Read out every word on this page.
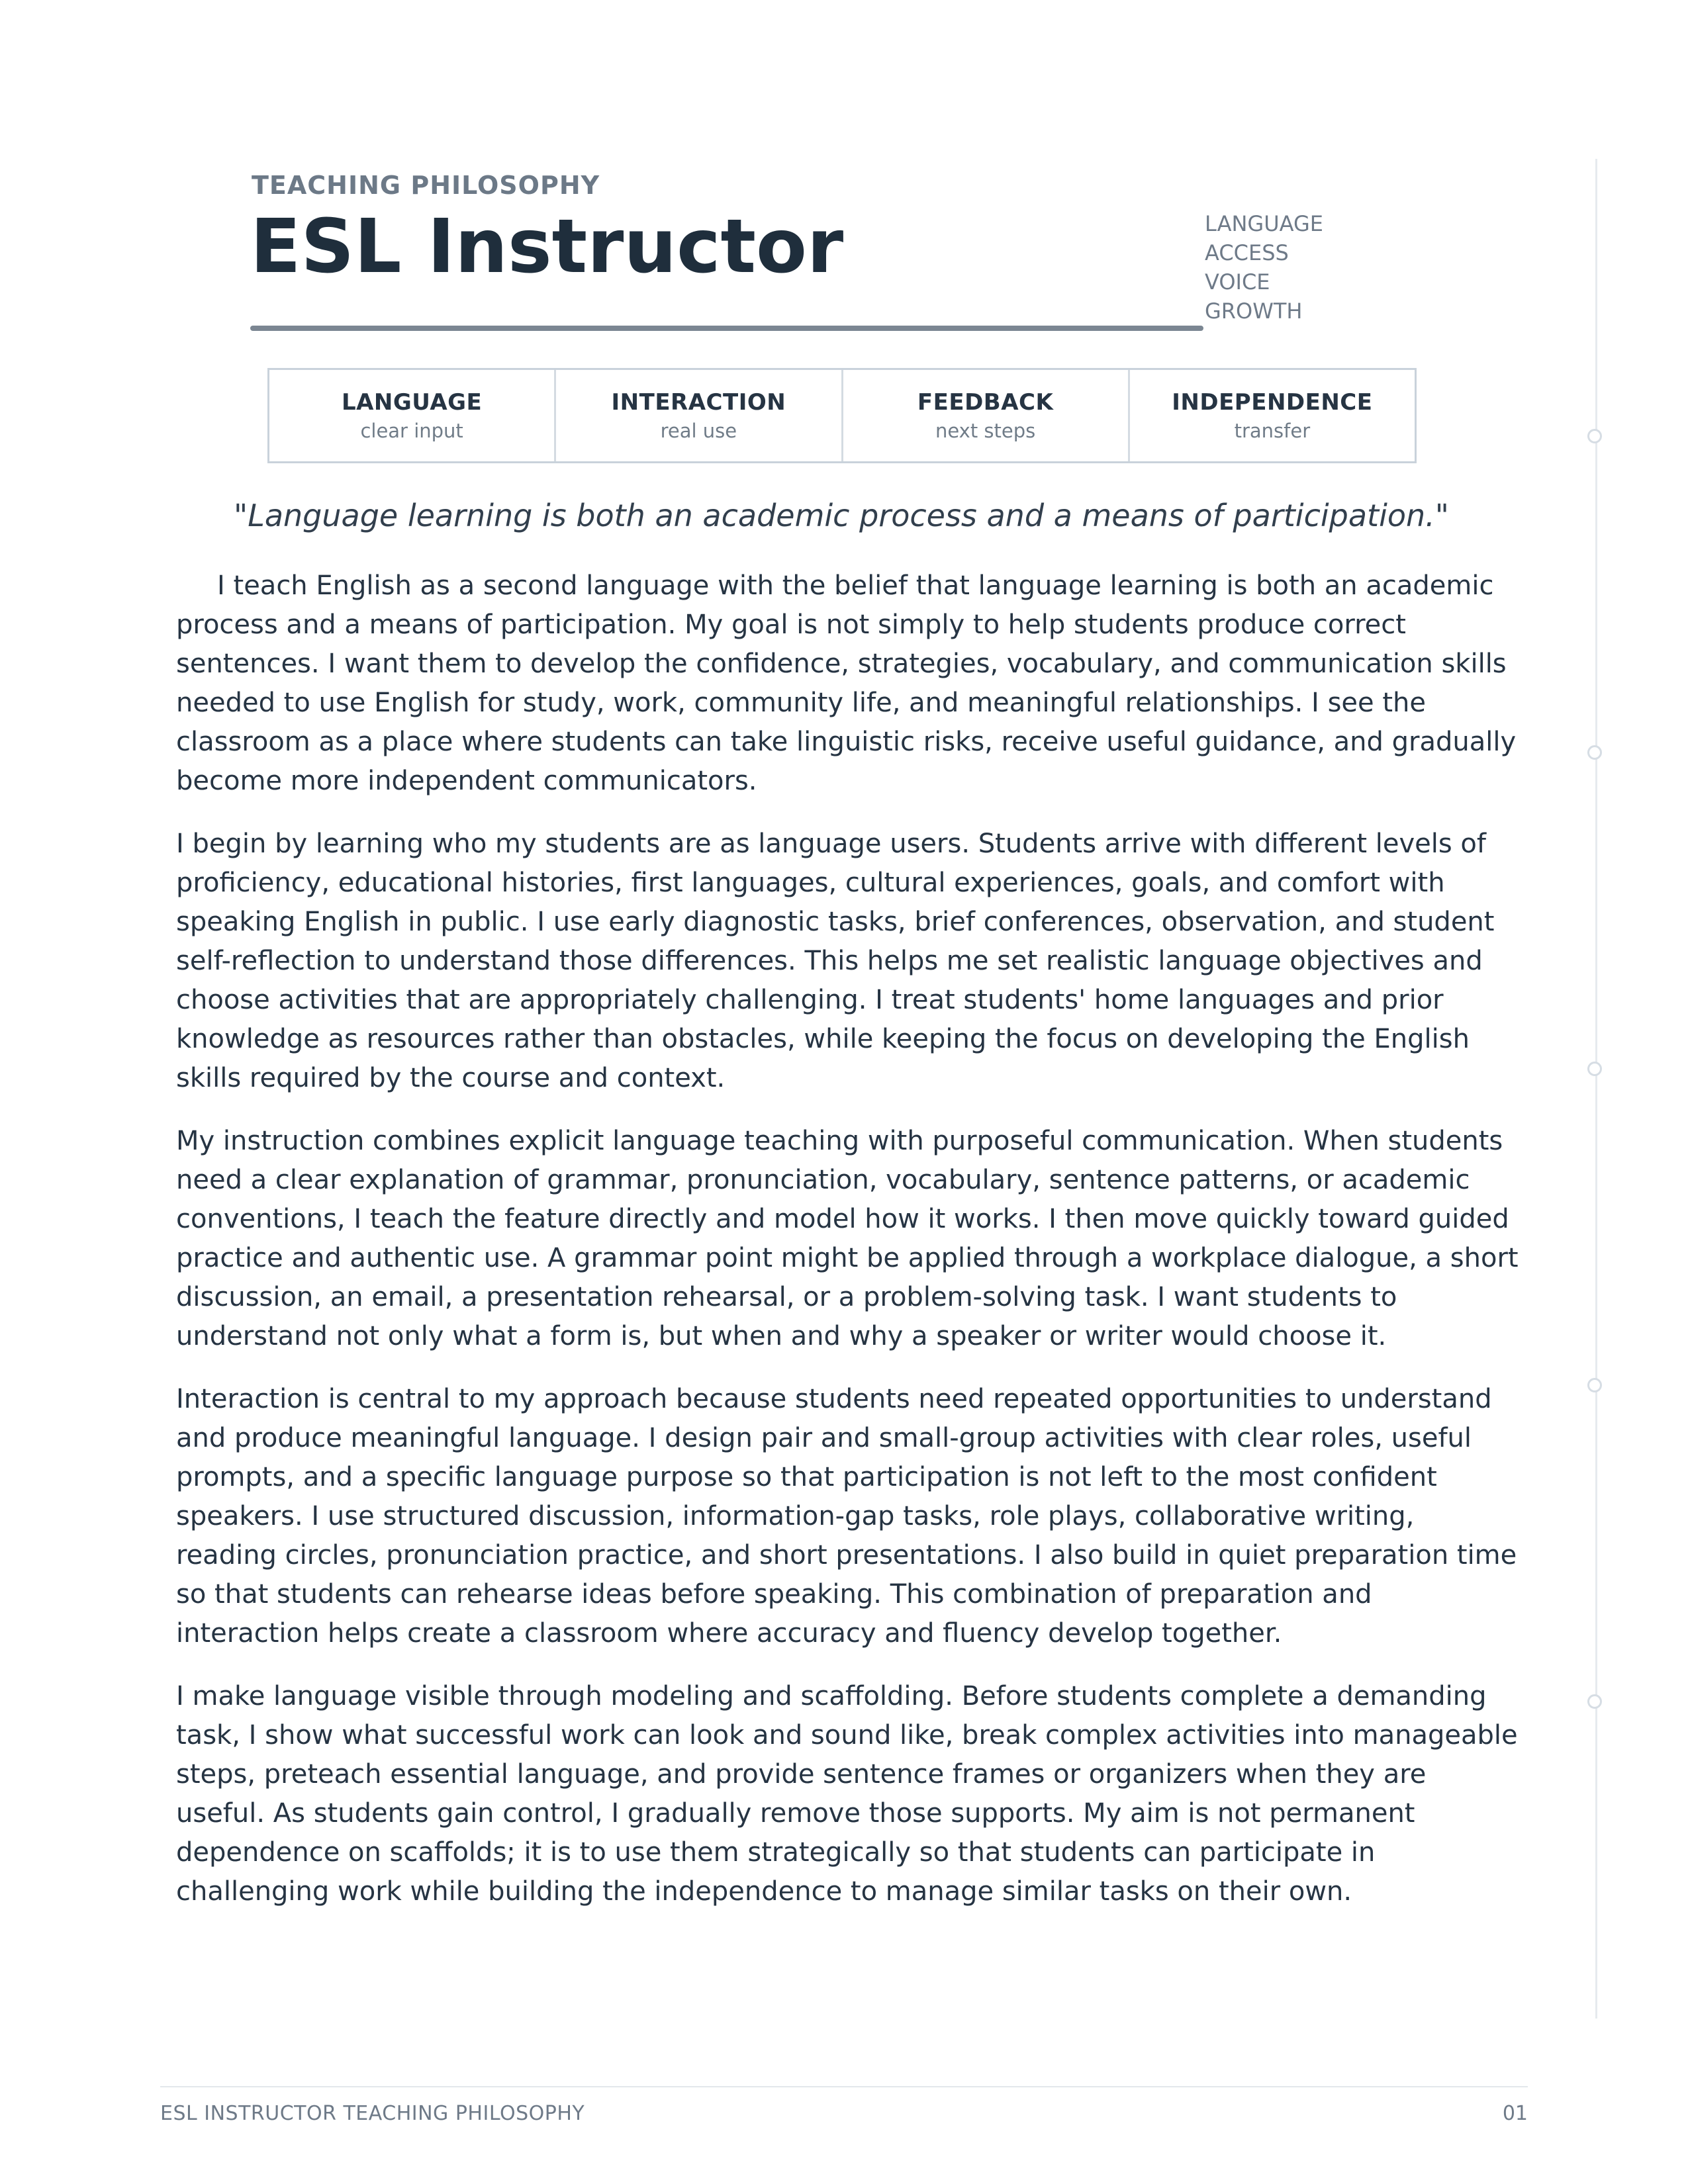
TEACHING PHILOSOPHY
ESL Instructor	LANGUAGE
ACCESS
VOICE
GROWTH
LANGUAGE
clear input
INTERACTION
real use
FEEDBACK
next steps
INDEPENDENCE
transfer
"Language learning is both an academic process and a means of participation."

I teach English as a second language with the belief that language learning is both an academic process and a means of participation. My goal is not simply to help students produce correct sentences. I want them to develop the confidence, strategies, vocabulary, and communication skills needed to use English for study, work, community life, and meaningful relationships. I see the classroom as a place where students can take linguistic risks, receive useful guidance, and gradually become more independent communicators.

I begin by learning who my students are as language users. Students arrive with different levels of proficiency, educational histories, first languages, cultural experiences, goals, and comfort with speaking English in public. I use early diagnostic tasks, brief conferences, observation, and student self-reflection to understand those differences. This helps me set realistic language objectives and choose activities that are appropriately challenging. I treat students' home languages and prior knowledge as resources rather than obstacles, while keeping the focus on developing the English skills required by the course and context.

My instruction combines explicit language teaching with purposeful communication. When students need a clear explanation of grammar, pronunciation, vocabulary, sentence patterns, or academic conventions, I teach the feature directly and model how it works. I then move quickly toward guided practice and authentic use. A grammar point might be applied through a workplace dialogue, a short discussion, an email, a presentation rehearsal, or a problem-solving task. I want students to understand not only what a form is, but when and why a speaker or writer would choose it.

Interaction is central to my approach because students need repeated opportunities to understand and produce meaningful language. I design pair and small-group activities with clear roles, useful prompts, and a specific language purpose so that participation is not left to the most confident speakers. I use structured discussion, information-gap tasks, role plays, collaborative writing, reading circles, pronunciation practice, and short presentations. I also build in quiet preparation time so that students can rehearse ideas before speaking. This combination of preparation and interaction helps create a classroom where accuracy and fluency develop together.

I make language visible through modeling and scaffolding. Before students complete a demanding task, I show what successful work can look and sound like, break complex activities into manageable steps, preteach essential language, and provide sentence frames or organizers when they are useful. As students gain control, I gradually remove those supports. My aim is not permanent dependence on scaffolds; it is to use them strategically so that students can participate in challenging work while building the independence to manage similar tasks on their own.

ESL INSTRUCTOR TEACHING PHILOSOPHY	01
